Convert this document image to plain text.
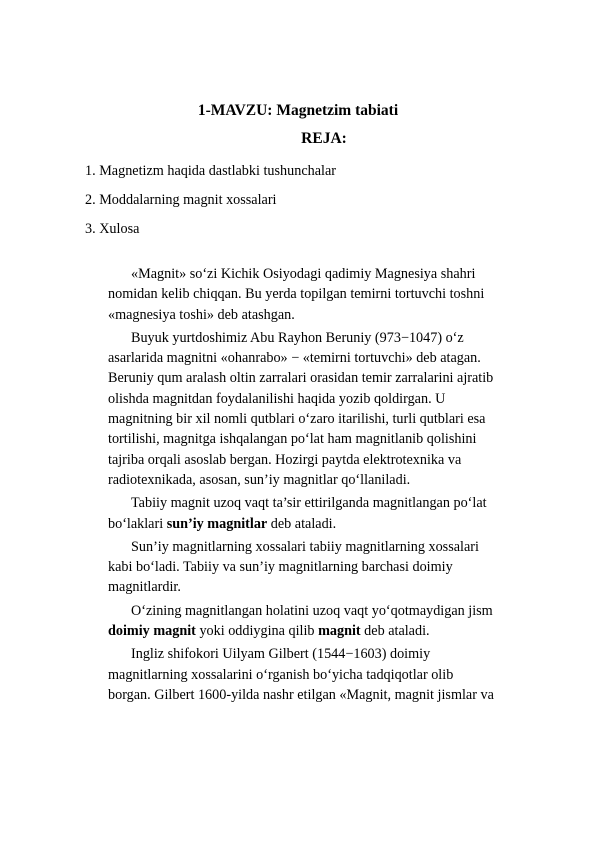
1-MAVZU: Magnetzim tabiati
REJA:
1. Magnetizm haqida dastlabki tushunchalar
2. Moddalarning magnit xossalari
3. Xulosa
«Magnit» so‘zi Kichik Osiyodagi qadimiy Magnesiya shahri
nomidan kelib chiqqan. Bu yerda topilgan temirni tortuvchi toshni
«magnesiya toshi» deb atashgan.
Buyuk yurtdoshimiz Abu Rayhon Beruniy (973−1047) o‘z
asarlarida magnitni «ohanrabo» − «temirni tortuvchi» deb atagan.
Beruniy qum aralash oltin zarralari orasidan temir zarralarini ajratib
olishda magnitdan foydalanilishi haqida yozib qoldirgan. U
magnitning bir xil nomli qutblari o‘zaro itarilishi, turli qutblari esa
tortilishi, magnitga ishqalangan po‘lat ham magnitlanib qolishini
tajriba orqali asoslab bergan. Hozirgi paytda elektrotexnika va
radiotexnikada, asosan, sun’iy magnitlar qo‘llaniladi.
Tabiiy magnit uzoq vaqt ta’sir ettirilganda magnitlangan po‘lat
bo‘laklari sun’iy magnitlar deb ataladi.
Sun’iy magnitlarning xossalari tabiiy magnitlarning xossalari
kabi bo‘ladi. Tabiiy va sun’iy magnitlarning barchasi doimiy
magnitlardir.
O‘zining magnitlangan holatini uzoq vaqt yo‘qotmaydigan jism
doimiy magnit yoki oddiygina qilib magnit deb ataladi.
Ingliz shifokori Uilyam Gilbert (1544−1603) doimiy
magnitlarning xossalarini o‘rganish bo‘yicha tadqiqotlar olib
borgan. Gilbert 1600-yilda nashr etilgan «Magnit, magnit jismlar va
